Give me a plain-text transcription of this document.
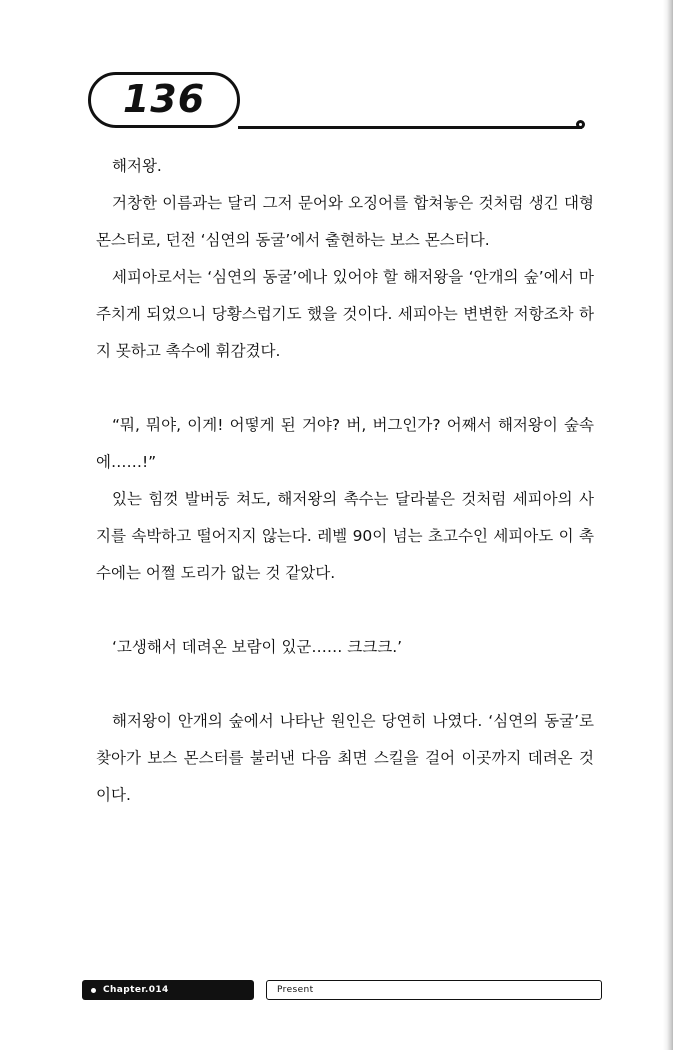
136

해저왕.

거창한 이름과는 달리 그저 문어와 오징어를 합쳐놓은 것처럼 생긴 대형 몬스터로, 던전 ‘심연의 동굴’에서 출현하는 보스 몬스터다.

세피아로서는 ‘심연의 동굴’에나 있어야 할 해저왕을 ‘안개의 숲’에서 마주치게 되었으니 당황스럽기도 했을 것이다. 세피아는 변변한 저항조차 하지 못하고 촉수에 휘감겼다.

“뭐, 뭐야, 이게! 어떻게 된 거야? 버, 버그인가? 어째서 해저왕이 숲속에……!”

있는 힘껏 발버둥 쳐도, 해저왕의 촉수는 달라붙은 것처럼 세피아의 사지를 속박하고 떨어지지 않는다. 레벨 90이 넘는 초고수인 세피아도 이 촉수에는 어쩔 도리가 없는 것 같았다.

‘고생해서 데려온 보람이 있군…… 크크크.’

해저왕이 안개의 숲에서 나타난 원인은 당연히 나였다. ‘심연의 동굴’로 찾아가 보스 몬스터를 불러낸 다음 최면 스킬을 걸어 이곳까지 데려온 것이다.

Chapter.014	Present
